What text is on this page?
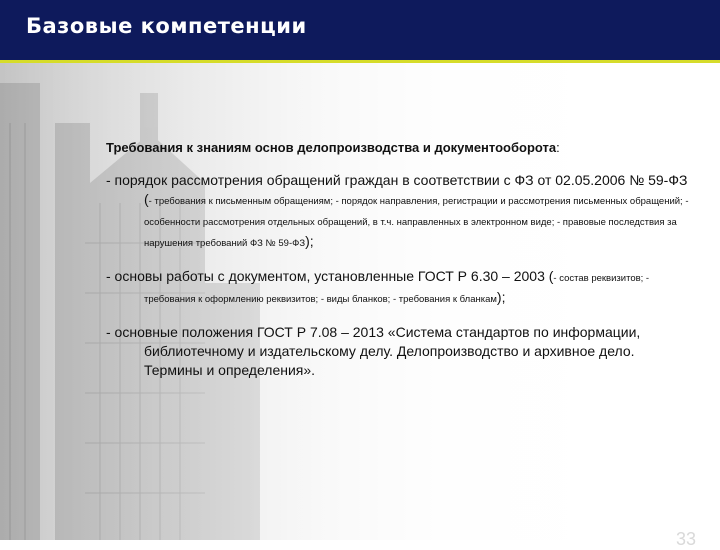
Базовые компетенции

Требования к знаниям основ делопроизводства и документооборота:

- порядок рассмотрения обращений граждан в соответствии с ФЗ от 02.05.2006 № 59-ФЗ (- требования к письменным обращениям; - порядок направления, регистрации и рассмотрения письменных обращений; - особенности рассмотрения отдельных обращений, в т.ч. направленных в электронном виде; - правовые последствия за нарушения требований ФЗ № 59-ФЗ);

- основы работы с документом, установленные ГОСТ Р 6.30 – 2003 (- состав реквизитов; - требования к оформлению реквизитов; - виды бланков; - требования к бланкам);

- основные положения ГОСТ Р 7.08 – 2013 «Система стандартов по информации, библиотечному и издательскому делу. Делопроизводство и архивное дело. Термины и определения».

33
